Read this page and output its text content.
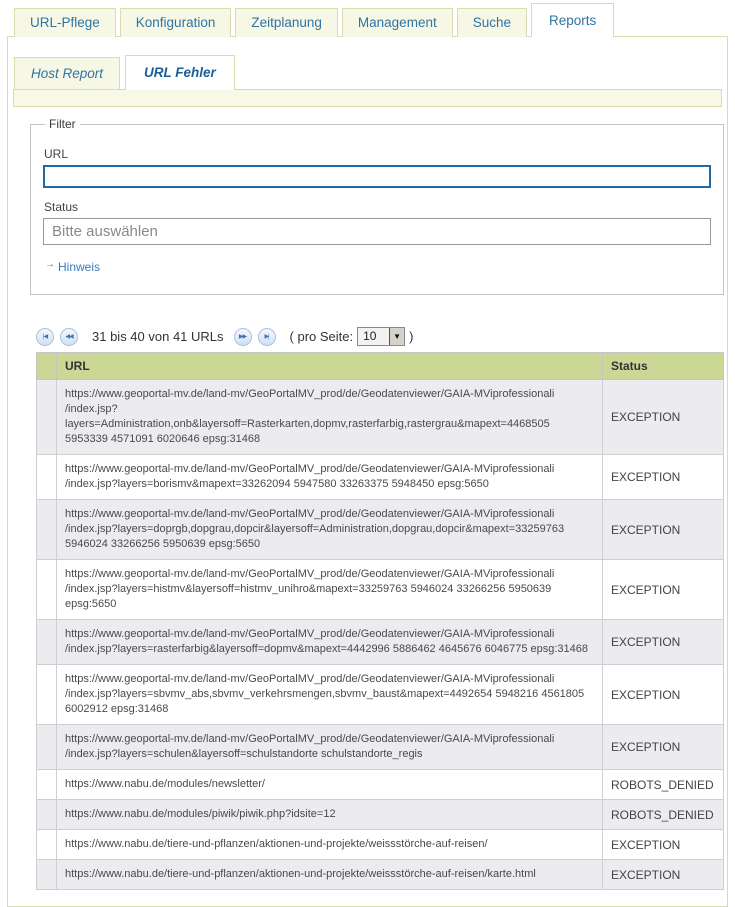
URL-Pflege	Konfiguration	Zeitplanung	Management	Suche	Reports
Host Report	URL Fehler
Filter
URL
Status
Bitte auswählen
→ Hinweis
|◀	◀◀ 31 bis 40 von 41 URLs	▶▶	▶| ( pro Seite: 10	▼ )
	URL	Status
	https:​/​/www.geoportal-mv.de​/land-mv​/GeoPortalMV_prod​/de​/Geodatenviewer​/GAIA-MViprofessionali​/index.jsp?layers=Administration,onb&layersoff=Rasterkarten,dopmv,rasterfarbig,rastergrau&mapext=4468505 5953339 4571091 6020646 epsg:31468	EXCEPTION
	https:​/​/www.geoportal-mv.de​/land-mv​/GeoPortalMV_prod​/de​/Geodatenviewer​/GAIA-MViprofessionali​/index.jsp?layers=borismv&mapext=33262094 5947580 33263375 5948450 epsg:5650	EXCEPTION
	https:​/​/www.geoportal-mv.de​/land-mv​/GeoPortalMV_prod​/de​/Geodatenviewer​/GAIA-MViprofessionali​/index.jsp?layers=doprgb,dopgrau,dopcir&layersoff=Administration,dopgrau,dopcir&mapext=33259763 5946024 33266256 5950639 epsg:5650	EXCEPTION
	https:​/​/www.geoportal-mv.de​/land-mv​/GeoPortalMV_prod​/de​/Geodatenviewer​/GAIA-MViprofessionali​/index.jsp?layers=histmv&layersoff=histmv_unihro&mapext=33259763 5946024 33266256 5950639 epsg:5650	EXCEPTION
	https:​/​/www.geoportal-mv.de​/land-mv​/GeoPortalMV_prod​/de​/Geodatenviewer​/GAIA-MViprofessionali​/index.jsp?layers=rasterfarbig&layersoff=dopmv&mapext=4442996 5886462 4645676 6046775 epsg:31468	EXCEPTION
	https:​/​/www.geoportal-mv.de​/land-mv​/GeoPortalMV_prod​/de​/Geodatenviewer​/GAIA-MViprofessionali​/index.jsp?layers=sbvmv_abs,sbvmv_verkehrsmengen,sbvmv_baust&mapext=4492654 5948216 4561805 6002912 epsg:31468	EXCEPTION
	https:​/​/www.geoportal-mv.de​/land-mv​/GeoPortalMV_prod​/de​/Geodatenviewer​/GAIA-MViprofessionali​/index.jsp?layers=schulen&layersoff=schulstandorte schulstandorte_regis	EXCEPTION
	https:​/​/www.nabu.de​/modules​/newsletter​/	ROBOTS_DENIED
	https:​/​/www.nabu.de​/modules​/piwik​/piwik.php?idsite=12	ROBOTS_DENIED
	https:​/​/www.nabu.de​/tiere-und-pflanzen​/aktionen-und-projekte​/weissstörche-auf-reisen​/	EXCEPTION
	https:​/​/www.nabu.de​/tiere-und-pflanzen​/aktionen-und-projekte​/weissstörche-auf-reisen​/karte.html	EXCEPTION
